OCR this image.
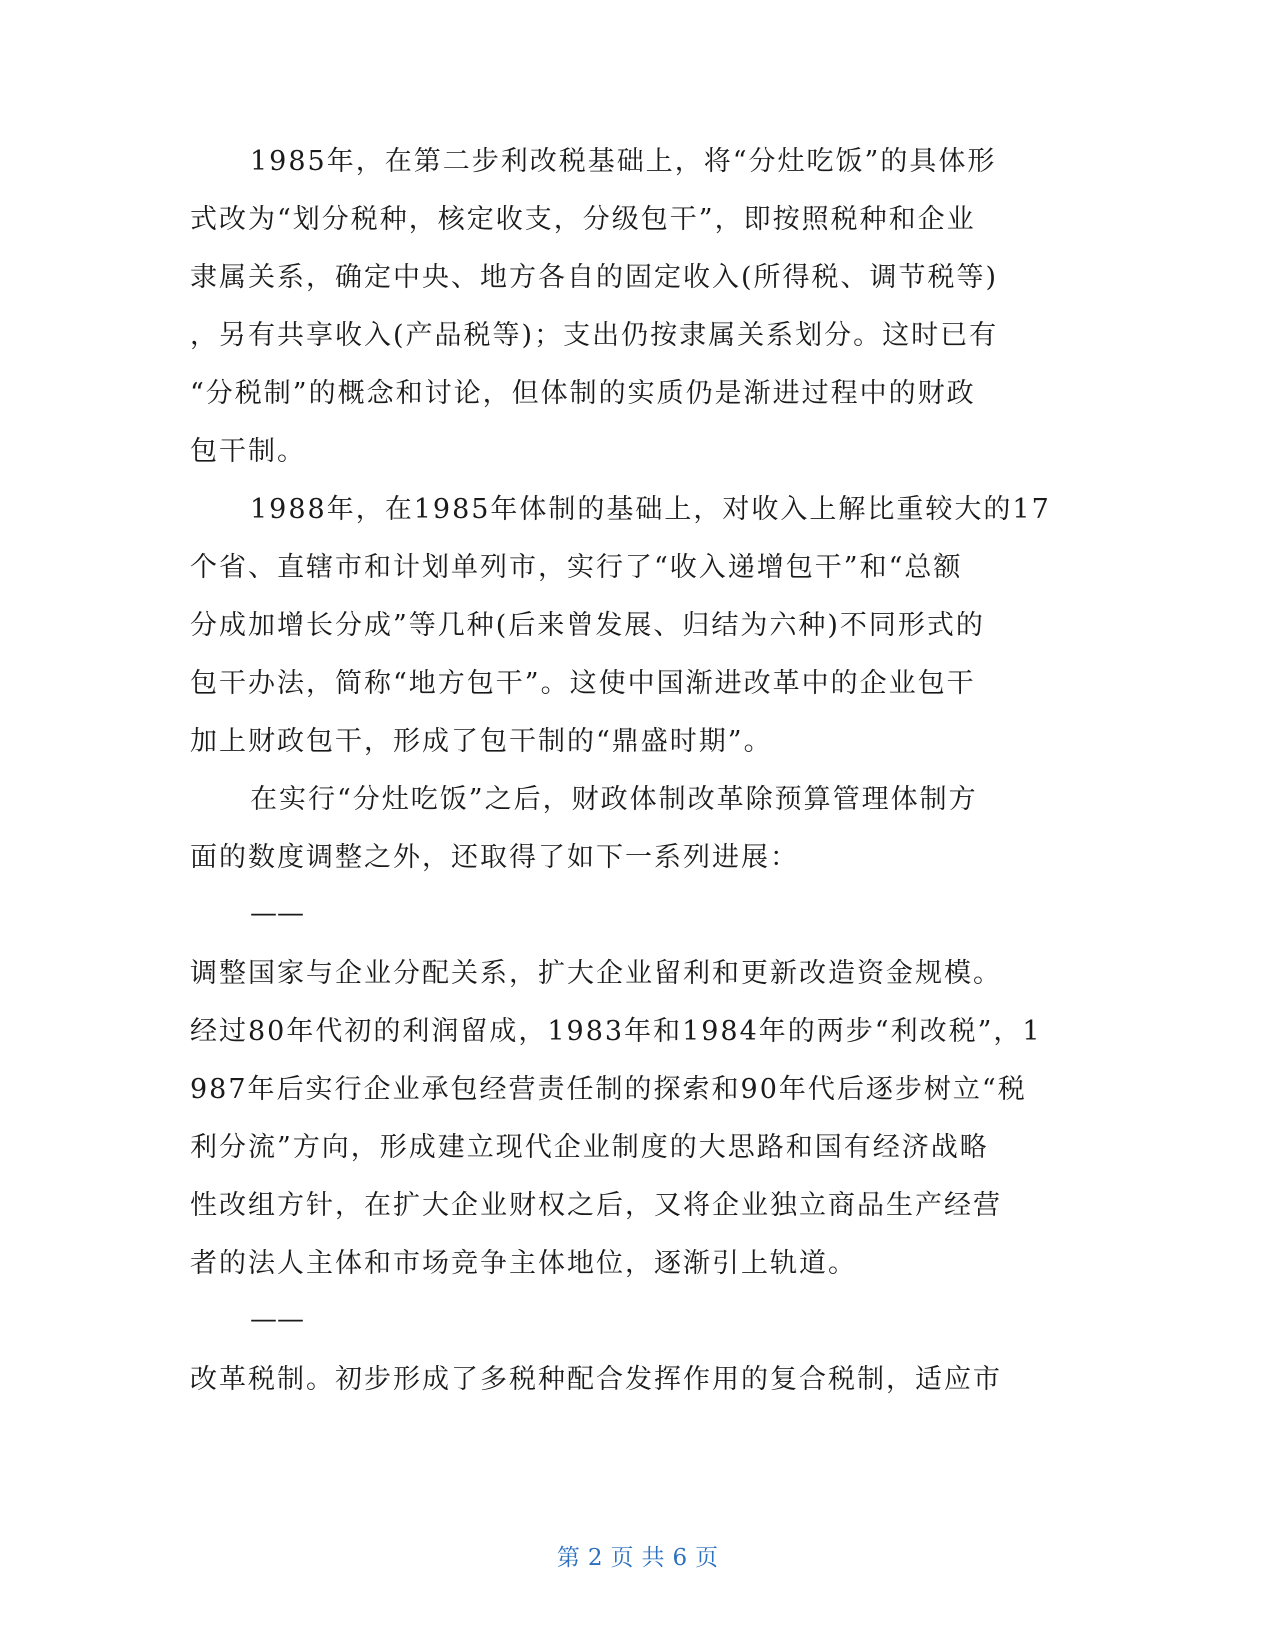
1985年，在第二步利改税基础上，将“分灶吃饭”的具体形
式改为“划分税种，核定收支，分级包干”，即按照税种和企业
隶属关系，确定中央、地方各自的固定收入(所得税、调节税等)
，另有共享收入(产品税等)；支出仍按隶属关系划分。这时已有
“分税制”的概念和讨论，但体制的实质仍是渐进过程中的财政
包干制。
1988年，在1985年体制的基础上，对收入上解比重较大的17
个省、直辖市和计划单列市，实行了“收入递增包干”和“总额
分成加增长分成”等几种(后来曾发展、归结为六种)不同形式的
包干办法，简称“地方包干”。这使中国渐进改革中的企业包干
加上财政包干，形成了包干制的“鼎盛时期”。
在实行“分灶吃饭”之后，财政体制改革除预算管理体制方
面的数度调整之外，还取得了如下一系列进展：
——
调整国家与企业分配关系，扩大企业留利和更新改造资金规模。
经过80年代初的利润留成，1983年和1984年的两步“利改税”，1
987年后实行企业承包经营责任制的探索和90年代后逐步树立“税
利分流”方向，形成建立现代企业制度的大思路和国有经济战略
性改组方针，在扩大企业财权之后，又将企业独立商品生产经营
者的法人主体和市场竞争主体地位，逐渐引上轨道。
——
改革税制。初步形成了多税种配合发挥作用的复合税制，适应市
第 2 页 共 6 页
